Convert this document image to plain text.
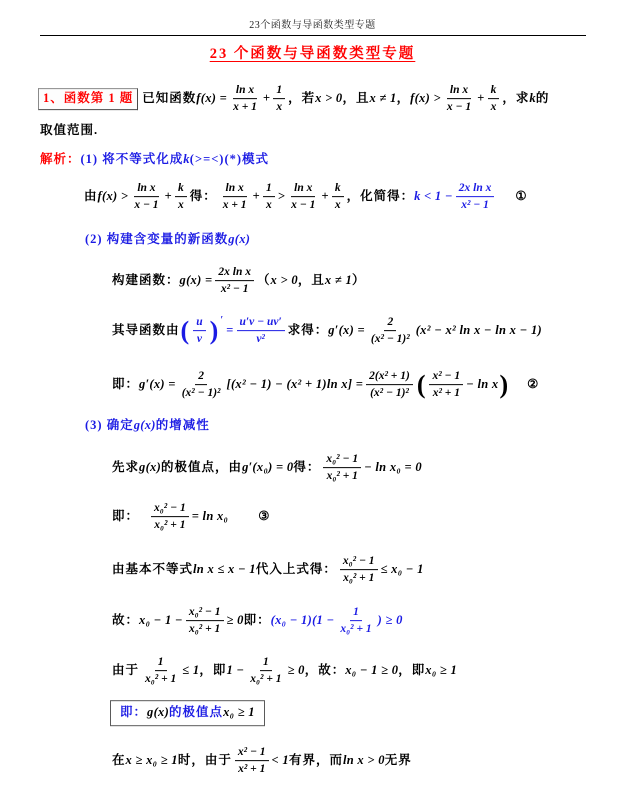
23个函数与导函数类型专题
23 个函数与导函数类型专题
1、函数第 1 题 已知函数 $f(x) = \frac{\text{ln x}}{x + 1} + \frac{1}{x}$ ，若 x > 0 ，且 x ≠ 1 ， $f(x) > \frac{\text{ln x}}{x - 1} + \frac{k}{x}$ ，求 k 的
取值范围.
解析： (1) 将不等式化成 k (>=<)(*)模式
由 $f(x) > \frac{\text{ln x}}{x - 1} + \frac{k}{x}$ 得： $\frac{\text{ln x}}{x + 1} + \frac{1}{x} > \frac{\text{ln x}}{x - 1} + \frac{k}{x}$ ，化简得： $k < 1 - \frac{\text{2x ln x}}{\text{x² − 1}}$ ①
(2) 构建含变量的新函数 g(x)
构建函数： $g(x) = \frac{\text{2x ln x}}{\text{x² − 1}}$ （ x > 0 ，且 x ≠ 1 ）
其导函数由 ( $\frac{u}{v}$ ) ′
= $\frac{u'v - uv'}{\text{v²}}$ 求得： $g'(x) = \frac{2}{\text{(x² − 1)²}} (x^2 - x^2$ ln x − ln x − 1)
即： $g'(x) = \frac{2}{\text{(x² − 1)²}} [(x^2 - 1) - (x^2 + 1)\ln$ $x] = \frac{\text{2(x² + 1)}}{\text{(x² − 1)²}}$ ( $\frac{\text{x² − 1}}{\text{x² + 1}} - \ln x$ ) ②
(3) 确定 g(x) 的增减性
先求 g(x) 的极值点，由 g′(x₀) = 0 得： $\frac{\text{x₀² − 1}}{\text{x₀² + 1}} - \ln x_0 = 0$
即： $\frac{\text{x₀² − 1}}{\text{x₀² + 1}} = \ln x_0$ ③
由基本不等式 ln x ≤ x − 1 代入上式得： $\frac{\text{x₀² − 1}}{\text{x₀² + 1}} \le x_0 - 1$
故： $x_0 - 1 - \frac{\text{x₀² − 1}}{\text{x₀² + 1}} \ge 0$ 即： $(x_0 - 1)(1 - \frac{1}{\text{x₀² + 1}}$ ) ≥ 0
由于 $\frac{1}{\text{x₀² + 1}} \le 1$ ，即 $1 - \frac{1}{\text{x₀² + 1}} \ge 0$ ，故： x₀ − 1 ≥ 0 ，即 x₀ ≥ 1
即： g(x) 的极值点 x₀ ≥ 1
在 x ≥ x₀ ≥ 1 时，由于 $\frac{\text{x² − 1}}{\text{x² + 1}} < 1$ 有界，而 ln x > 0 无界
